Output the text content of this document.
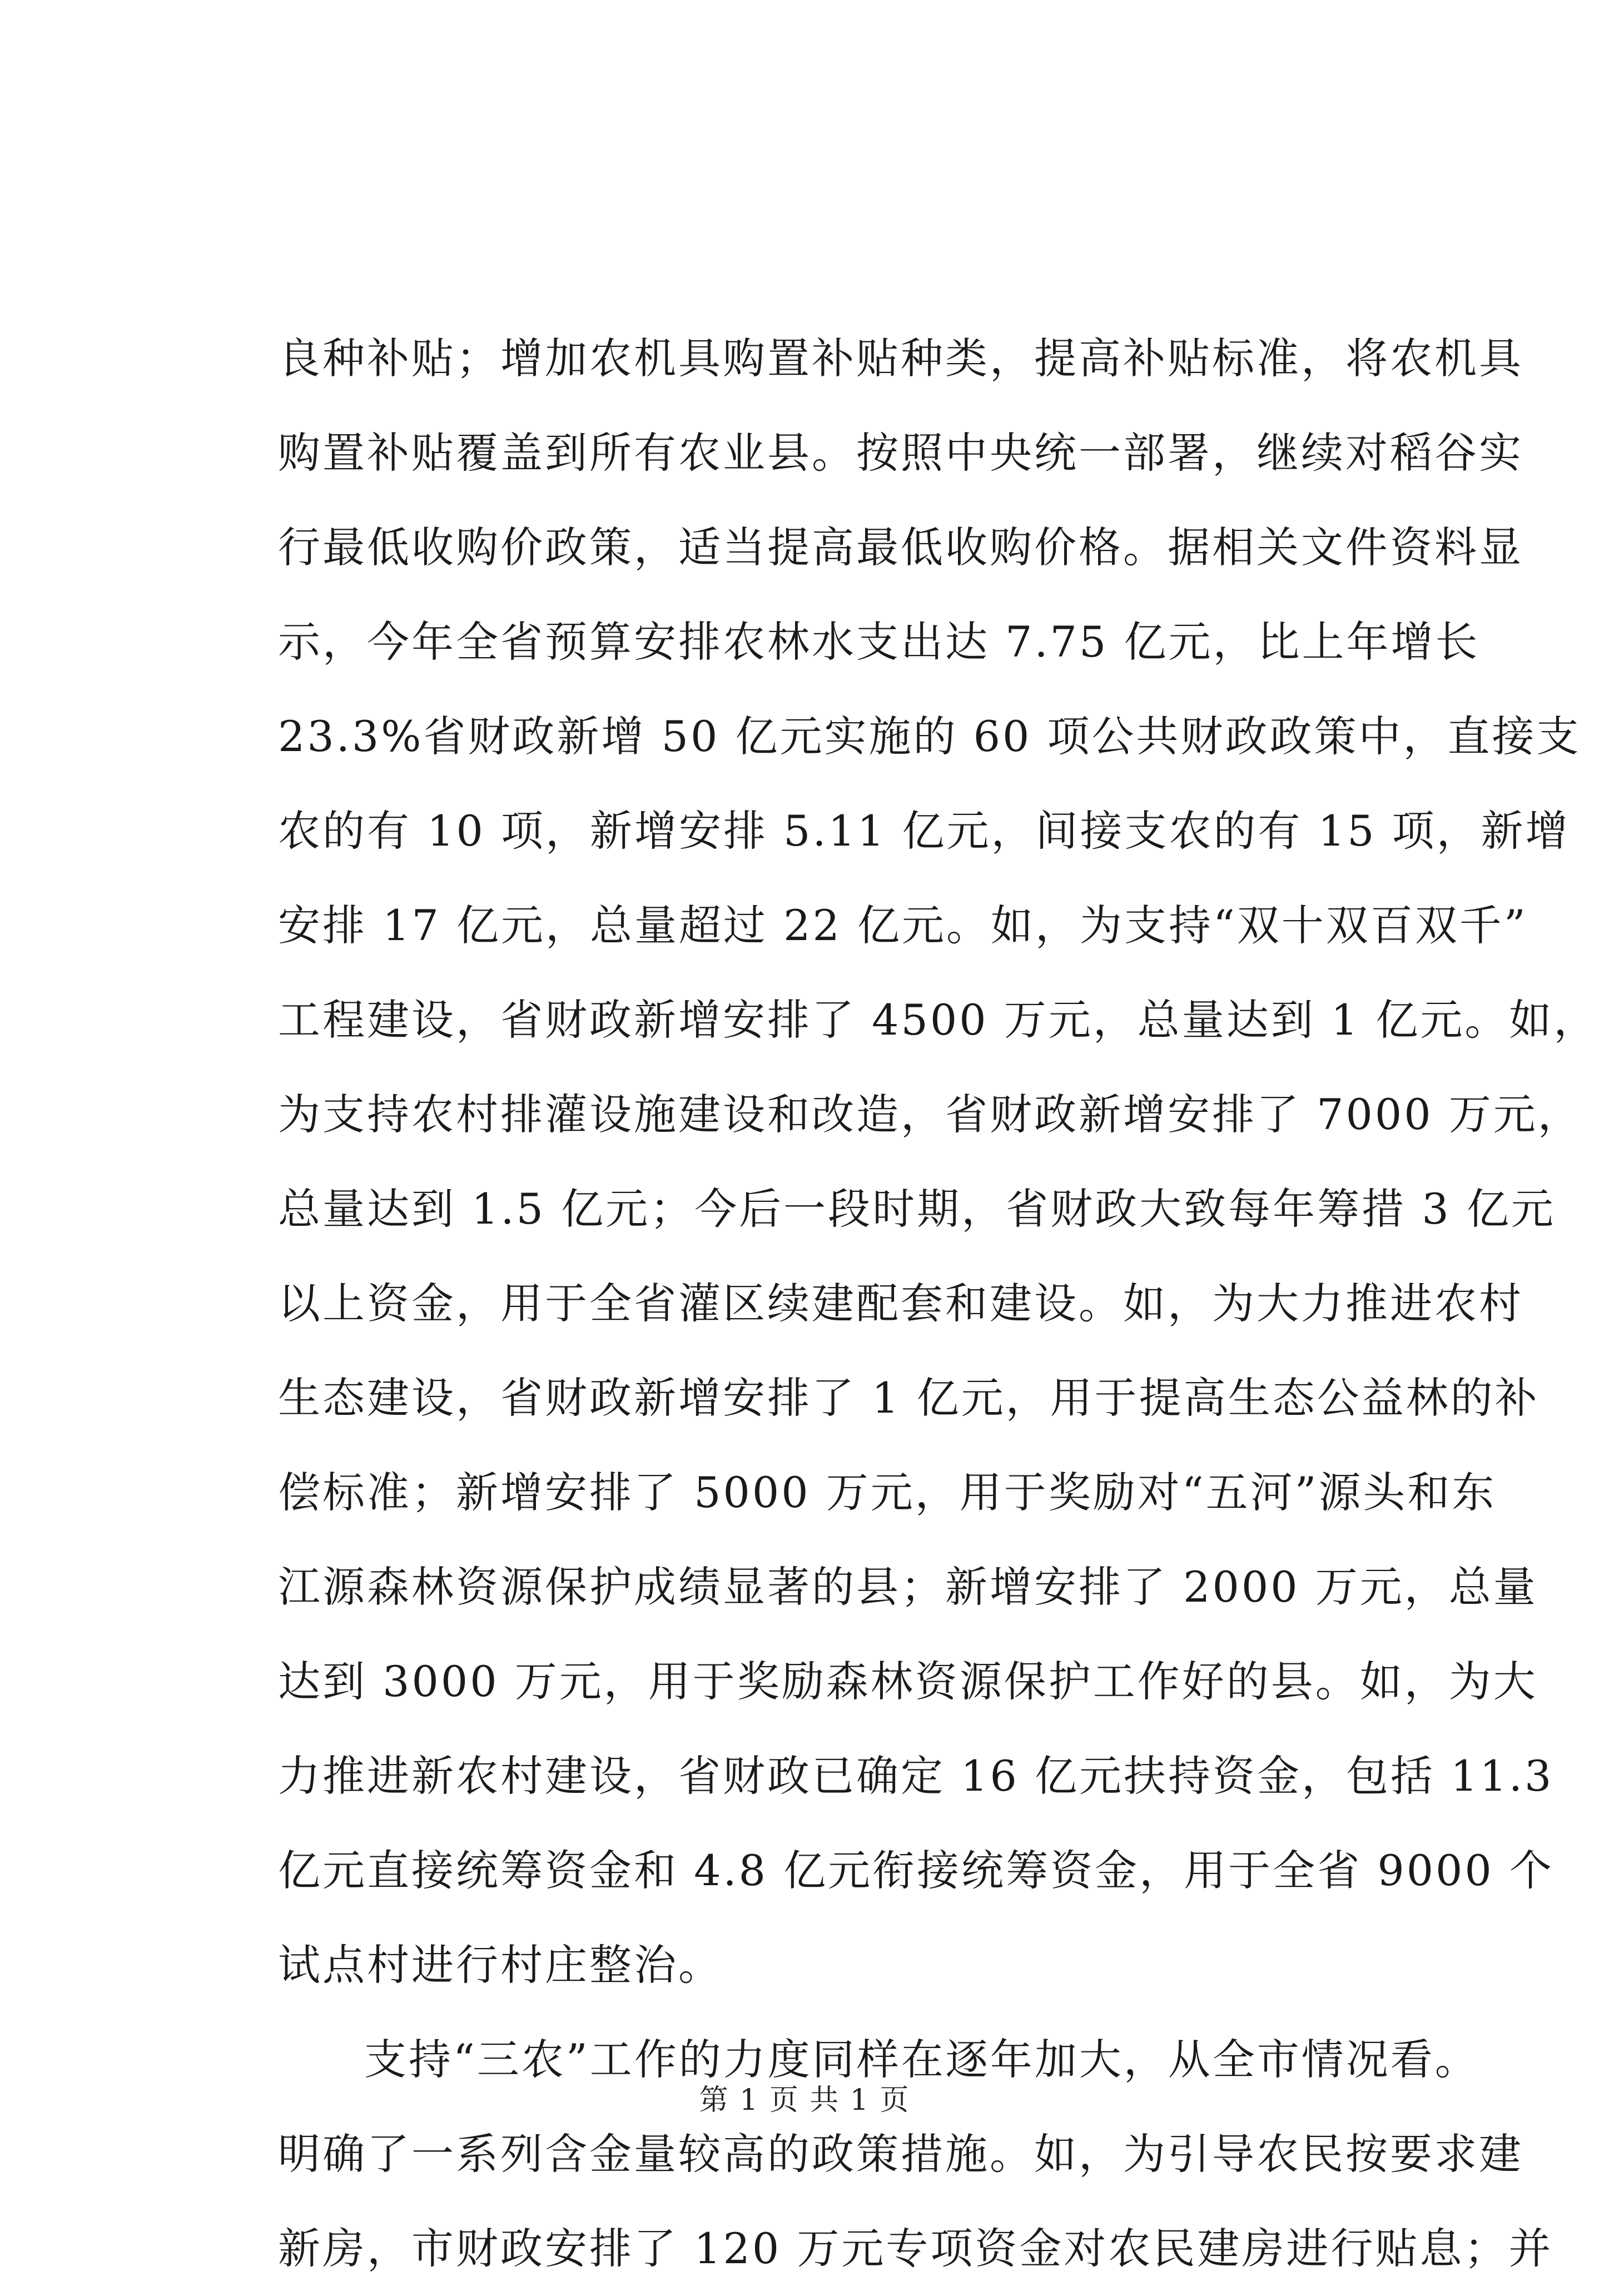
良种补贴；增加农机具购置补贴种类，提高补贴标准，将农机具
购置补贴覆盖到所有农业县。按照中央统一部署，继续对稻谷实
行最低收购价政策，适当提高最低收购价格。据相关文件资料显
示，今年全省预算安排农林水支出达 7.75 亿元，比上年增长
23.3%省财政新增 50 亿元实施的 60 项公共财政政策中，直接支
农的有 10 项，新增安排 5.11 亿元，间接支农的有 15 项，新增
安排 17 亿元，总量超过 22 亿元。如，为支持“双十双百双千”
工程建设，省财政新增安排了 4500 万元，总量达到 1 亿元。如，
为支持农村排灌设施建设和改造，省财政新增安排了 7000 万元，
总量达到 1.5 亿元；今后一段时期，省财政大致每年筹措 3 亿元
以上资金，用于全省灌区续建配套和建设。如，为大力推进农村
生态建设，省财政新增安排了 1 亿元，用于提高生态公益林的补
偿标准；新增安排了 5000 万元，用于奖励对“五河”源头和东
江源森林资源保护成绩显著的县；新增安排了 2000 万元，总量
达到 3000 万元，用于奖励森林资源保护工作好的县。如，为大
力推进新农村建设，省财政已确定 16 亿元扶持资金，包括 11.3
亿元直接统筹资金和 4.8 亿元衔接统筹资金，用于全省 9000 个
试点村进行村庄整治。
支持“三农”工作的力度同样在逐年加大，从全市情况看。
明确了一系列含金量较高的政策措施。如，为引导农民按要求建
新房，市财政安排了 120 万元专项资金对农民建房进行贴息；并
第 1 页 共 1 页
